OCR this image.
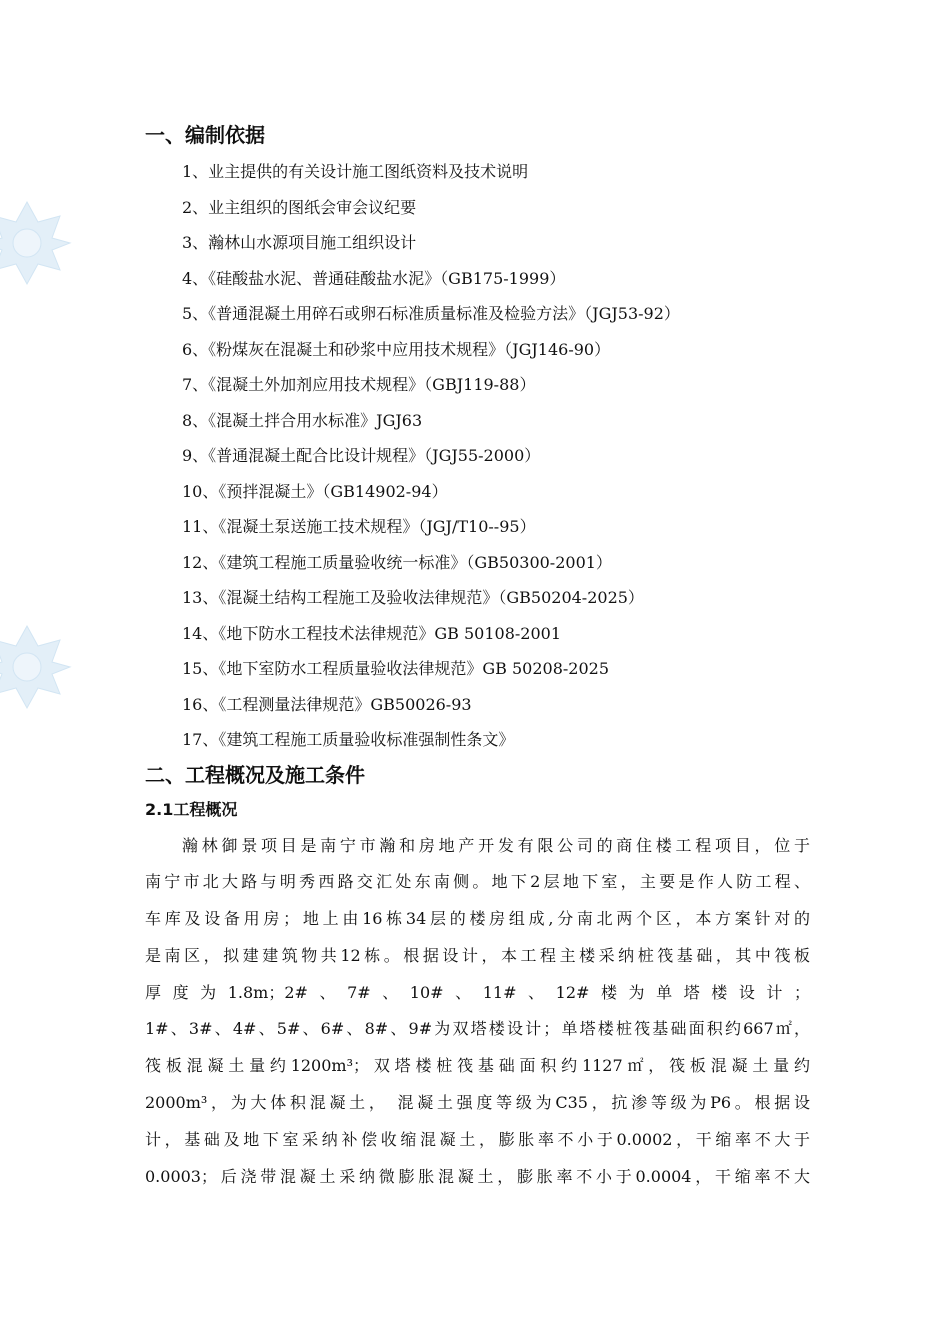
一、编制依据
1、业主提供的有关设计施工图纸资料及技术说明
2、业主组织的图纸会审会议纪要
3、瀚林山水源项目施工组织设计
4、《硅酸盐水泥、普通硅酸盐水泥》（GB175-1999）
5、《普通混凝土用碎石或卵石标准质量标准及检验方法》（JGJ53-92）
6、《粉煤灰在混凝土和砂浆中应用技术规程》（JGJ146-90）
7、《混凝土外加剂应用技术规程》（GBJ119-88）
8、《混凝土拌合用水标准》JGJ63
9、《普通混凝土配合比设计规程》（JGJ55-2000）
10、《预拌混凝土》（GB14902-94）
11、《混凝土泵送施工技术规程》（JGJ/T10--95）
12、《建筑工程施工质量验收统一标准》（GB50300-2001）
13、《混凝土结构工程施工及验收法律规范》（GB50204-2025）
14、《地下防水工程技术法律规范》GB 50108-2001
15、《地下室防水工程质量验收法律规范》GB 50208-2025
16、《工程测量法律规范》GB50026-93
17、《建筑工程施工质量验收标准强制性条文》
二、工程概况及施工条件
2.1工程概况
瀚林御景项目是南宁市瀚和房地产开发有限公司的商住楼工程项目，位于
南宁市北大路与明秀西路交汇处东南侧。地下2层地下室，主要是作人防工程、
车库及设备用房；地上由16栋34层的楼房组成,分南北两个区，本方案针对的
是南区，拟建建筑物共12栋。根据设计，本工程主楼采纳桩筏基础，其中筏板
厚度为1.8m；2#、7#、10#、11#、12#楼为单塔楼设计；
1#、3#、4#、5#、6#、8#、9#为双塔楼设计；单塔楼桩筏基础面积约667㎡，
筏板混凝土量约1200m³；双塔楼桩筏基础面积约1127㎡，筏板混凝土量约
2000m³，为大体积混凝土， 混凝土强度等级为C35，抗渗等级为P6。根据设
计，基础及地下室采纳补偿收缩混凝土，膨胀率不小于0.0002，干缩率不大于
0.0003；后浇带混凝土采纳微膨胀混凝土，膨胀率不小于0.0004，干缩率不大
